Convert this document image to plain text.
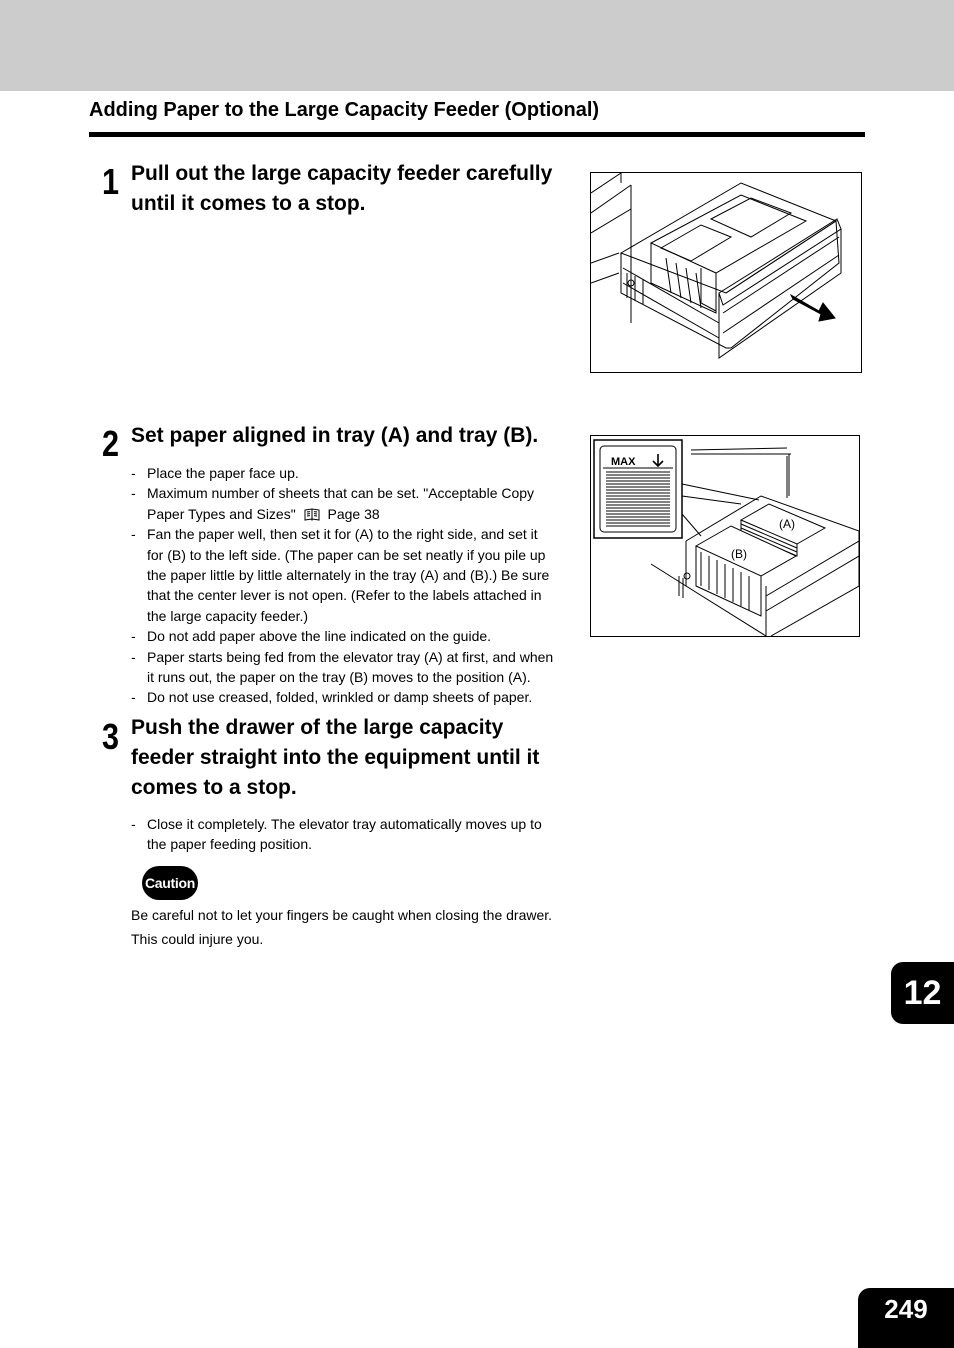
Adding Paper to the Large Capacity Feeder (Optional)
1 Pull out the large capacity feeder carefully
until it comes to a stop.
2 Set paper aligned in tray (A) and tray (B).
- Place the paper face up.
- Maximum number of sheets that can be set. "Acceptable Copy
Paper Types and Sizes" Page 38
- Fan the paper well, then set it for (A) to the right side, and set it
for (B) to the left side. (The paper can be set neatly if you pile up
the paper little by little alternately in the tray (A) and (B).) Be sure
that the center lever is not open. (Refer to the labels attached in
the large capacity feeder.)
- Do not add paper above the line indicated on the guide.
- Paper starts being fed from the elevator tray (A) at first, and when
it runs out, the paper on the tray (B) moves to the position (A).
- Do not use creased, folded, wrinkled or damp sheets of paper.
MAX
(A)
(B)
3 Push the drawer of the large capacity
feeder straight into the equipment until it
comes to a stop.
- Close it completely. The elevator tray automatically moves up to
the paper feeding position.
Caution

Be careful not to let your fingers be caught when closing the drawer.

This could injure you.

12
249
